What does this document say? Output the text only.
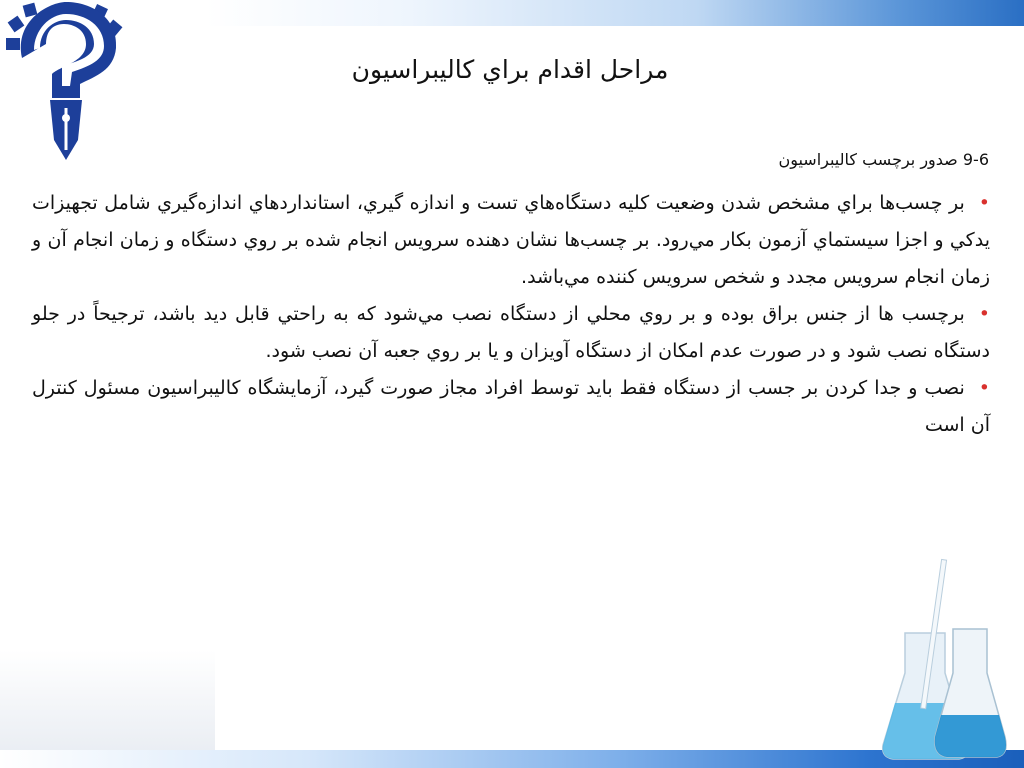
مراحل اقدام براي كاليبراسيون
9-6 صدور برچسب كاليبراسيون

•بر چسب‌ها براي مشخص شدن وضعيت كليه دستگاه‌هاي تست و اندازه گيري، استانداردهاي اندازه‌گيري شامل تجهيزات يدكي و اجزا سيستماي آزمون بكار مي‌رود. بر چسب‌ها نشان دهنده سرويس انجام شده بر روي دستگاه و زمان انجام آن و زمان انجام سرويس مجدد و شخص سرويس كننده مي‌باشد.

•برچسب ها از جنس براق بوده و بر روي محلي از دستگاه نصب مي‌شود كه به راحتي قابل ديد باشد، ترجيحاً در جلو دستگاه نصب شود و در صورت عدم امكان از دستگاه آويزان و يا بر روي جعبه آن نصب شود.

•نصب و جدا كردن بر جسب از دستگاه فقط بايد توسط افراد مجاز صورت گيرد، آزمايشگاه كاليبراسيون مسئول كنترل آن است
